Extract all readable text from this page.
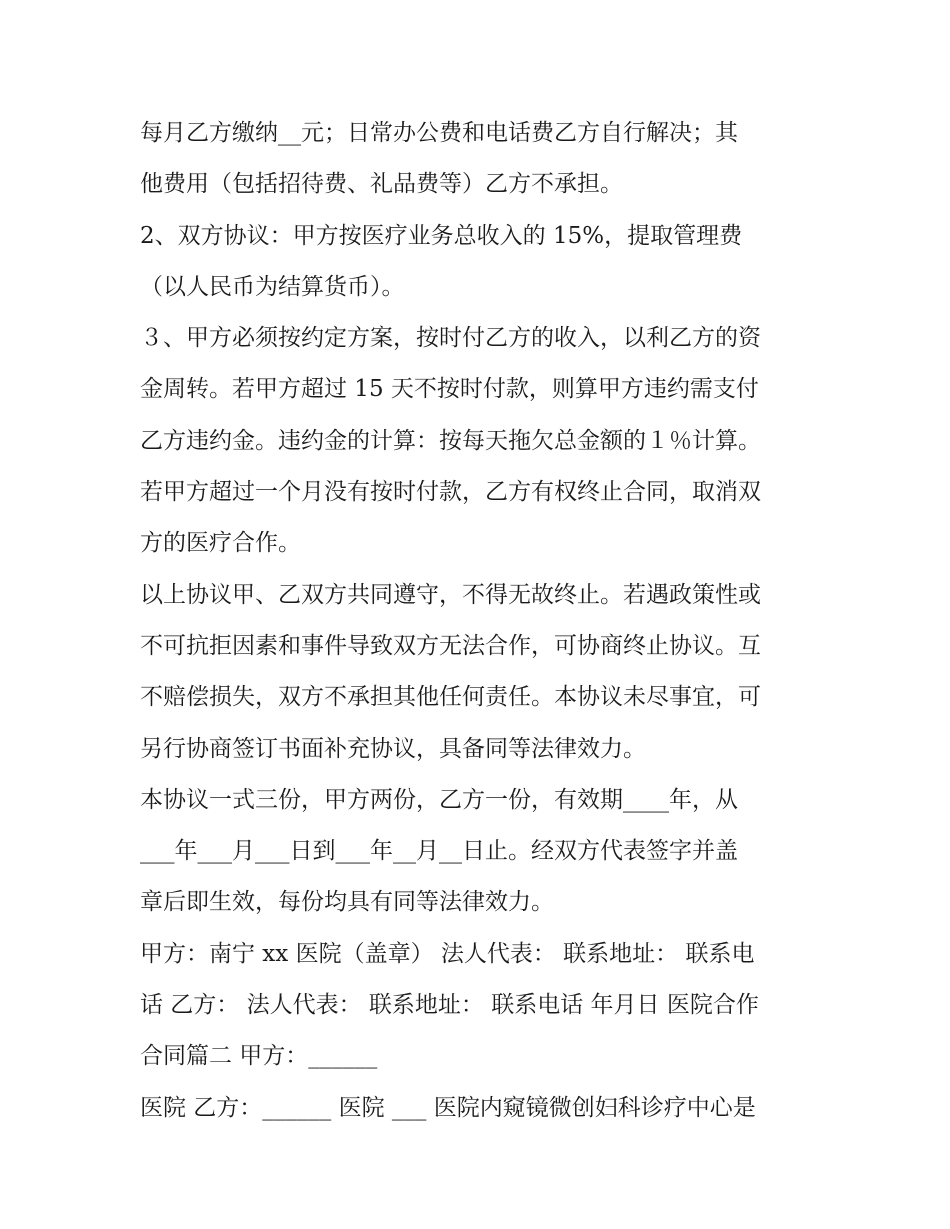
每月乙方缴纳__元；日常办公费和电话费乙方自行解决；其
他费用（包括招待费、礼品费等）乙方不承担。
2、双方协议：甲方按医疗业务总收入的 15%，提取管理费
（以人民币为结算货币）。
３、甲方必须按约定方案，按时付乙方的收入，以利乙方的资
金周转。若甲方超过 15 天不按时付款，则算甲方违约需支付
乙方违约金。违约金的计算：按每天拖欠总金额的１％计算。
若甲方超过一个月没有按时付款，乙方有权终止合同，取消双
方的医疗合作。
以上协议甲、乙双方共同遵守，不得无故终止。若遇政策性或
不可抗拒因素和事件导致双方无法合作，可协商终止协议。互
不赔偿损失，双方不承担其他任何责任。本协议未尽事宜，可
另行协商签订书面补充协议，具备同等法律效力。
本协议一式三份，甲方两份，乙方一份，有效期____年，从
___年___月___日到___年__月__日止。经双方代表签字并盖
章后即生效，每份均具有同等法律效力。
甲方：南宁 xx 医院（盖章） 法人代表： 联系地址： 联系电
话 乙方： 法人代表： 联系地址： 联系电话 年月日 医院合作
合同篇二 甲方：______
医院 乙方：______ 医院 ___ 医院内窥镜微创妇科诊疗中心是
